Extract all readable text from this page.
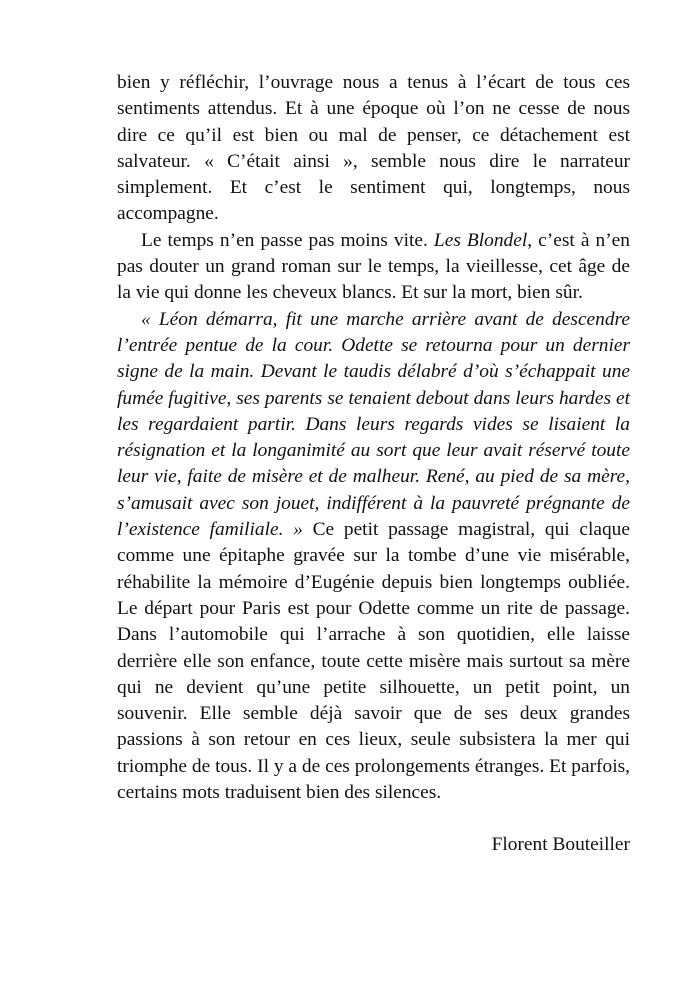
bien y réfléchir, l’ouvrage nous a tenus à l’écart de tous ces sentiments attendus. Et à une époque où l’on ne cesse de nous dire ce qu’il est bien ou mal de penser, ce détachement est salvateur. « C’était ainsi », semble nous dire le narrateur simplement. Et c’est le sentiment qui, longtemps, nous accompagne.

Le temps n’en passe pas moins vite. Les Blondel, c’est à n’en pas douter un grand roman sur le temps, la vieillesse, cet âge de la vie qui donne les cheveux blancs. Et sur la mort, bien sûr.

« Léon démarra, fit une marche arrière avant de descendre l’entrée pentue de la cour. Odette se retourna pour un dernier signe de la main. Devant le taudis délabré d’où s’échappait une fumée fugitive, ses parents se tenaient debout dans leurs hardes et les regardaient partir. Dans leurs regards vides se lisaient la résignation et la longanimité au sort que leur avait réservé toute leur vie, faite de misère et de malheur. René, au pied de sa mère, s’amusait avec son jouet, indifférent à la pauvreté prégnante de l’existence familiale. » Ce petit passage magistral, qui claque comme une épitaphe gravée sur la tombe d’une vie misérable, réhabilite la mémoire d’Eugénie depuis bien longtemps oubliée. Le départ pour Paris est pour Odette comme un rite de passage. Dans l’automobile qui l’arrache à son quotidien, elle laisse derrière elle son enfance, toute cette misère mais surtout sa mère qui ne devient qu’une petite silhouette, un petit point, un souvenir. Elle semble déjà savoir que de ses deux grandes passions à son retour en ces lieux, seule subsistera la mer qui triomphe de tous. Il y a de ces prolongements étranges. Et parfois, certains mots traduisent bien des silences.

Florent Bouteiller
